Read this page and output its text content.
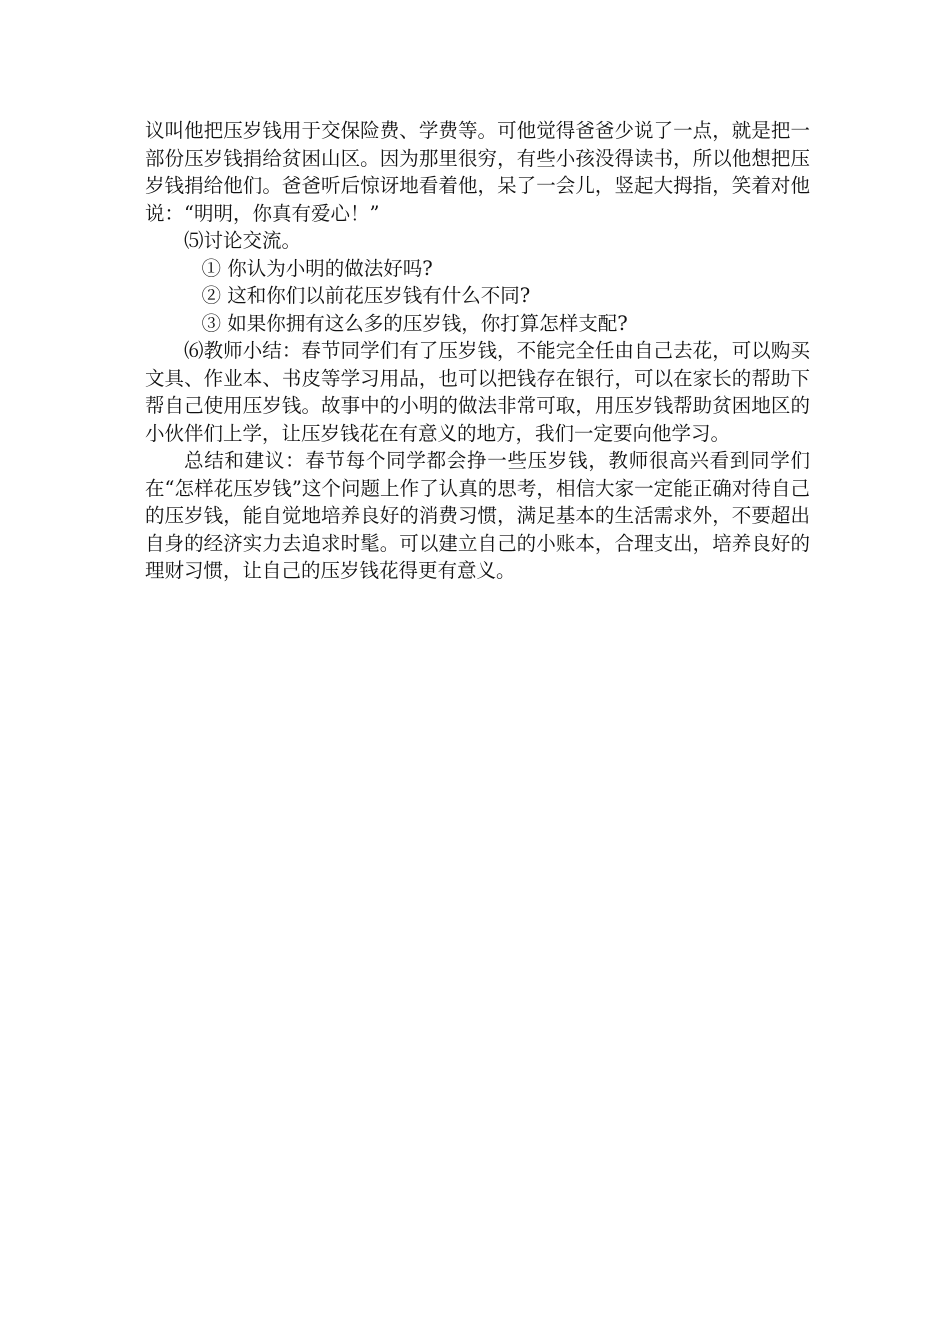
议叫他把压岁钱用于交保险费、学费等。可他觉得爸爸少说了一点，就是把一部份压岁钱捐给贫困山区。因为那里很穷，有些小孩没得读书，所以他想把压岁钱捐给他们。爸爸听后惊讶地看着他，呆了一会儿，竖起大拇指，笑着对他说：“明明，你真有爱心！”

⑸讨论交流。

① 你认为小明的做法好吗?

② 这和你们以前花压岁钱有什么不同?

③ 如果你拥有这么多的压岁钱，你打算怎样支配?

⑹教师小结：春节同学们有了压岁钱，不能完全任由自己去花，可以购买文具、作业本、书皮等学习用品，也可以把钱存在银行，可以在家长的帮助下帮自己使用压岁钱。故事中的小明的做法非常可取，用压岁钱帮助贫困地区的小伙伴们上学，让压岁钱花在有意义的地方，我们一定要向他学习。

总结和建议：春节每个同学都会挣一些压岁钱，教师很高兴看到同学们在“怎样花压岁钱”这个问题上作了认真的思考，相信大家一定能正确对待自己的压岁钱，能自觉地培养良好的消费习惯，满足基本的生活需求外，不要超出自身的经济实力去追求时髦。可以建立自己的小账本，合理支出，培养良好的理财习惯，让自己的压岁钱花得更有意义。
